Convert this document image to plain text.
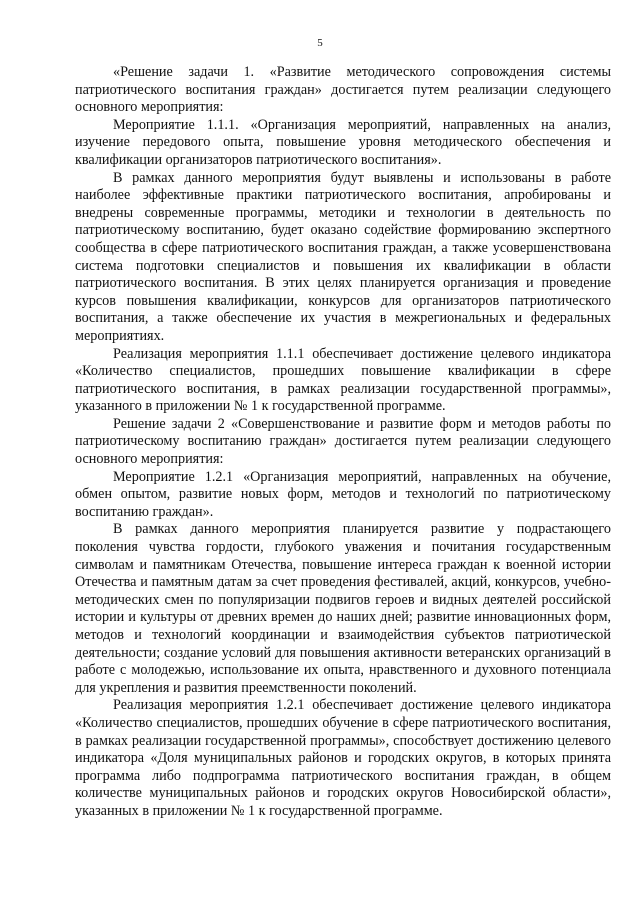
5

«Решение задачи 1. «Развитие методического сопровождения системы патриотического воспитания граждан» достигается путем реализации следующего основного мероприятия:

Мероприятие 1.1.1. «Организация мероприятий, направленных на анализ, изучение передового опыта, повышение уровня методического обеспечения и квалификации организаторов патриотического воспитания».

В рамках данного мероприятия будут выявлены и использованы в работе наиболее эффективные практики патриотического воспитания, апробированы и внедрены современные программы, методики и технологии в деятельность по патриотическому воспитанию, будет оказано содействие формированию экспертного сообщества в сфере патриотического воспитания граждан, а также усовершенствована система подготовки специалистов и повышения их квалификации в области патриотического воспитания. В этих целях планируется организация и проведение курсов повышения квалификации, конкурсов для организаторов патриотического воспитания, а также обеспечение их участия в межрегиональных и федеральных мероприятиях.

Реализация мероприятия 1.1.1 обеспечивает достижение целевого индикатора «Количество специалистов, прошедших повышение квалификации в сфере патриотического воспитания, в рамках реализации государственной программы», указанного в приложении № 1 к государственной программе.

Решение задачи 2 «Совершенствование и развитие форм и методов работы по патриотическому воспитанию граждан» достигается путем реализации следующего основного мероприятия:

Мероприятие 1.2.1 «Организация мероприятий, направленных на обучение, обмен опытом, развитие новых форм, методов и технологий по патриотическому воспитанию граждан».

В рамках данного мероприятия планируется развитие у подрастающего поколения чувства гордости, глубокого уважения и почитания государственным символам и памятникам Отечества, повышение интереса граждан к военной истории Отечества и памятным датам за счет проведения фестивалей, акций, конкурсов, учебно-методических смен по популяризации подвигов героев и видных деятелей российской истории и культуры от древних времен до наших дней; развитие инновационных форм, методов и технологий координации и взаимодействия субъектов патриотической деятельности; создание условий для повышения активности ветеранских организаций в работе с молодежью, использование их опыта, нравственного и духовного потенциала для укрепления и развития преемственности поколений.

Реализация мероприятия 1.2.1 обеспечивает достижение целевого индикатора «Количество специалистов, прошедших обучение в сфере патриотического воспитания, в рамках реализации государственной программы», способствует достижению целевого индикатора «Доля муниципальных районов и городских округов, в которых принята программа либо подпрограмма патриотического воспитания граждан, в общем количестве муниципальных районов и городских округов Новосибирской области», указанных в приложении № 1 к государственной программе.
